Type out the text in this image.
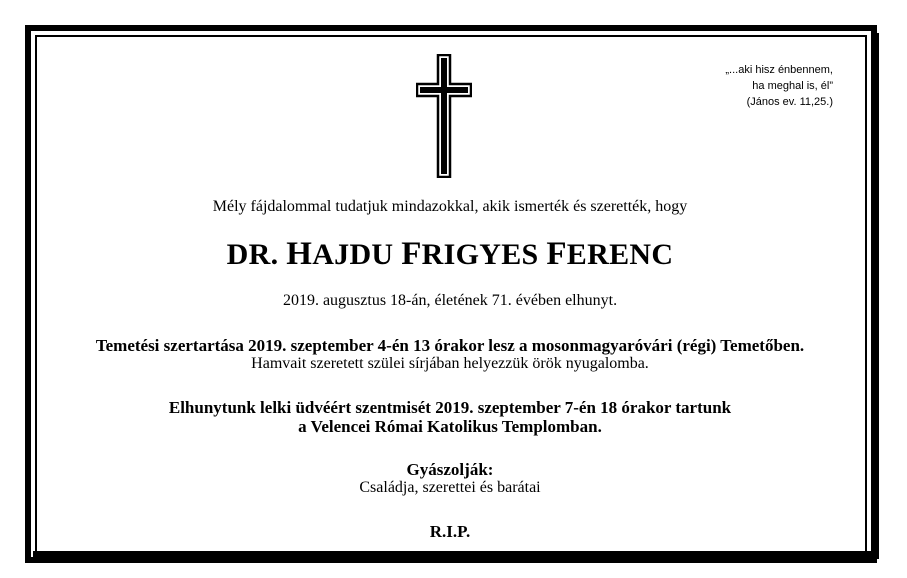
„...aki hisz énbennem,
ha meghal is, él”
(János ev. 11,25.)
Mély fájdalommal tudatjuk mindazokkal, akik ismerték és szerették, hogy
DR. HAJDU FRIGYES FERENC
2019. augusztus 18-án, életének 71. évében elhunyt.
Temetési szertartása 2019. szeptember 4-én 13 órakor lesz a mosonmagyaróvári (régi) Temetőben.
Hamvait szeretett szülei sírjában helyezzük örök nyugalomba.
Elhunytunk lelki üdvéért szentmisét 2019. szeptember 7-én 18 órakor tartunk
a Velencei Római Katolikus Templomban.
Gyászolják:
Családja, szerettei és barátai
R.I.P.
